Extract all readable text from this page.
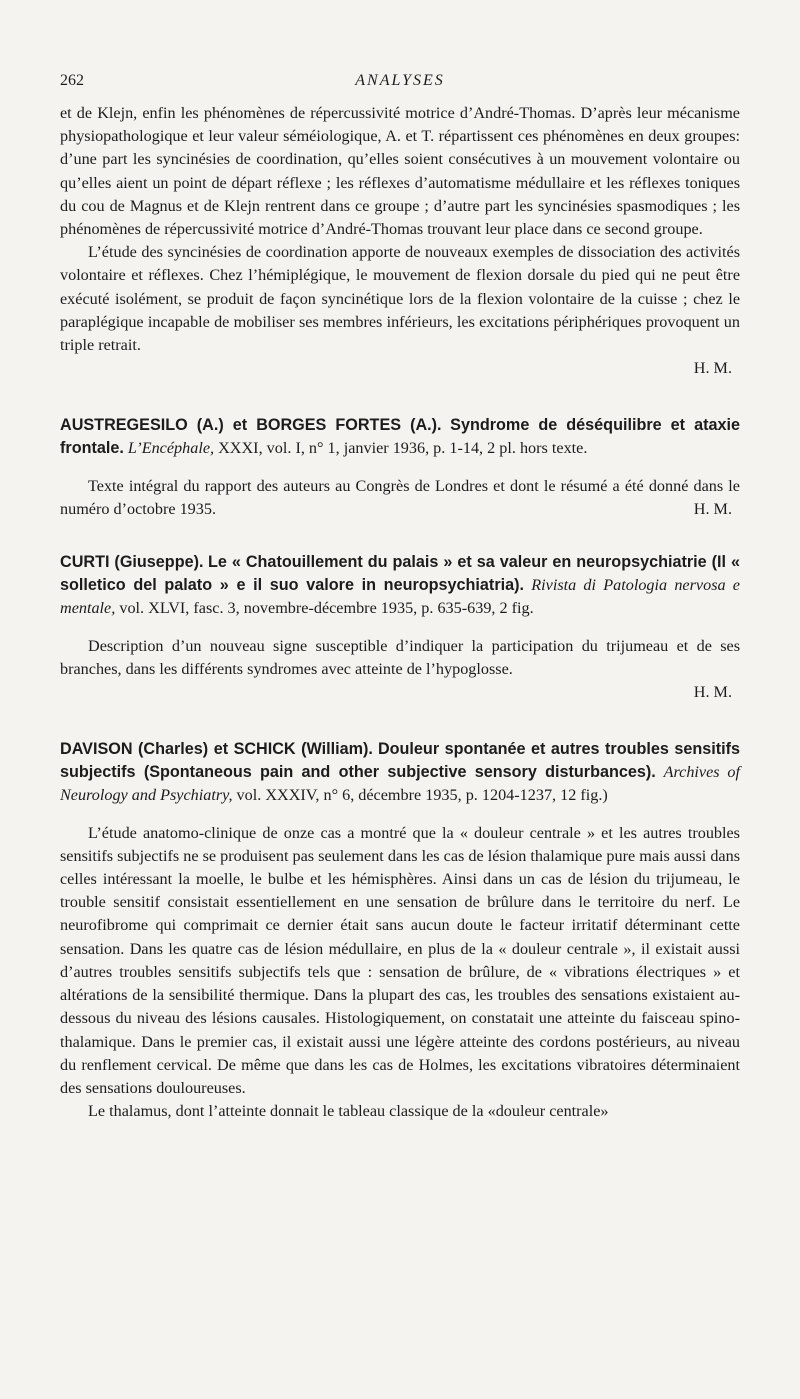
262	ANALYSES

et de Klejn, enfin les phénomènes de répercussivité motrice d’André-Thomas. D’après leur mécanisme physiopathologique et leur valeur séméiologique, A. et T. répartissent ces phénomènes en deux groupes: d’une part les syncinésies de coordination, qu’elles soient consécutives à un mouvement volontaire ou qu’elles aient un point de départ réflexe ; les réflexes d’automatisme médullaire et les réflexes toniques du cou de Magnus et de Klejn rentrent dans ce groupe ; d’autre part les syncinésies spasmodiques ; les phénomènes de répercussivité motrice d’André-Thomas trouvant leur place dans ce second groupe.

L’étude des syncinésies de coordination apporte de nouveaux exemples de dissociation des activités volontaire et réflexes. Chez l’hémiplégique, le mouvement de flexion dorsale du pied qui ne peut être exécuté isolément, se produit de façon syncinétique lors de la flexion volontaire de la cuisse ; chez le paraplégique incapable de mobiliser ses membres inférieurs, les excitations périphériques provoquent un triple retrait.

H. M.

AUSTREGESILO (A.) et BORGES FORTES (A.). Syndrome de déséquilibre et ataxie frontale. L’Encéphale, XXXI, vol. I, n° 1, janvier 1936, p. 1-14, 2 pl. hors texte.

Texte intégral du rapport des auteurs au Congrès de Londres et dont le résumé a été donné dans le numéro d’octobre 1935.	H. M.

CURTI (Giuseppe). Le « Chatouillement du palais » et sa valeur en neuropsychiatrie (Il « solletico del palato » e il suo valore in neuropsychiatria). Rivista di Patologia nervosa e mentale, vol. XLVI, fasc. 3, novembre-décembre 1935, p. 635-639, 2 fig.

Description d’un nouveau signe susceptible d’indiquer la participation du trijumeau et de ses branches, dans les différents syndromes avec atteinte de l’hypoglosse.

H. M.

DAVISON (Charles) et SCHICK (William). Douleur spontanée et autres troubles sensitifs subjectifs (Spontaneous pain and other subjective sensory disturbances). Archives of Neurology and Psychiatry, vol. XXXIV, n° 6, décembre 1935, p. 1204-1237, 12 fig.)

L’étude anatomo-clinique de onze cas a montré que la « douleur centrale » et les autres troubles sensitifs subjectifs ne se produisent pas seulement dans les cas de lésion thalamique pure mais aussi dans celles intéressant la moelle, le bulbe et les hémisphères. Ainsi dans un cas de lésion du trijumeau, le trouble sensitif consistait essentiellement en une sensation de brûlure dans le territoire du nerf. Le neurofibrome qui comprimait ce dernier était sans aucun doute le facteur irritatif déterminant cette sensation. Dans les quatre cas de lésion médullaire, en plus de la « douleur centrale », il existait aussi d’autres troubles sensitifs subjectifs tels que : sensation de brûlure, de « vibrations électriques » et altérations de la sensibilité thermique. Dans la plupart des cas, les troubles des sensations existaient au-dessous du niveau des lésions causales. Histologiquement, on constatait une atteinte du faisceau spino-thalamique. Dans le premier cas, il existait aussi une légère atteinte des cordons postérieurs, au niveau du renflement cervical. De même que dans les cas de Holmes, les excitations vibratoires déterminaient des sensations douloureuses.

Le thalamus, dont l’atteinte donnait le tableau classique de la «douleur centrale»
